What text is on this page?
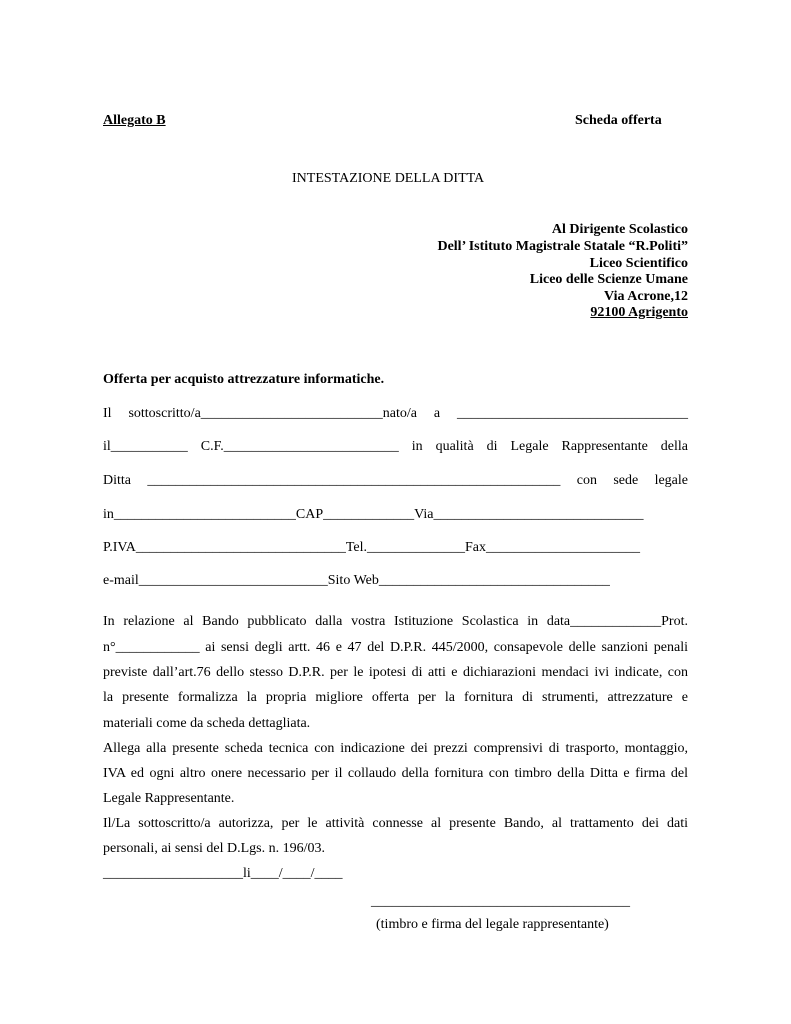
Allegato B	Scheda offerta
INTESTAZIONE DELLA DITTA
Al Dirigente Scolastico
Dell’ Istituto Magistrale Statale “R.Politi”
Liceo Scientifico
Liceo delle Scienze Umane
Via Acrone,12
92100 Agrigento
Offerta per acquisto attrezzature informatiche.
Il sottoscritto/a__________________________nato/a a _________________________________
il___________ C.F._________________________ in qualità di Legale Rappresentante della
Ditta ___________________________________________________________ con sede legale
in__________________________CAP_____________Via______________________________
P.IVA______________________________Tel.______________Fax______________________
e-mail___________________________Sito Web_________________________________
In relazione al Bando pubblicato dalla vostra Istituzione Scolastica in data_____________Prot.
n°____________ ai sensi degli artt. 46 e 47 del D.P.R. 445/2000, consapevole delle sanzioni penali
previste dall’art.76 dello stesso D.P.R. per le ipotesi di atti e dichiarazioni mendaci ivi indicate, con
la presente formalizza la propria migliore offerta per la fornitura di strumenti, attrezzature e
materiali come da scheda dettagliata.
Allega alla presente scheda tecnica con indicazione dei prezzi comprensivi di trasporto, montaggio,
IVA ed ogni altro onere necessario per il collaudo della fornitura con timbro della Ditta e firma del
Legale Rappresentante.
Il/La sottoscritto/a autorizza, per le attività connesse al presente Bando, al trattamento dei dati
personali, ai sensi del D.Lgs. n. 196/03.
____________________li____/____/____
_____________________________________
(timbro e firma del legale rappresentante)
